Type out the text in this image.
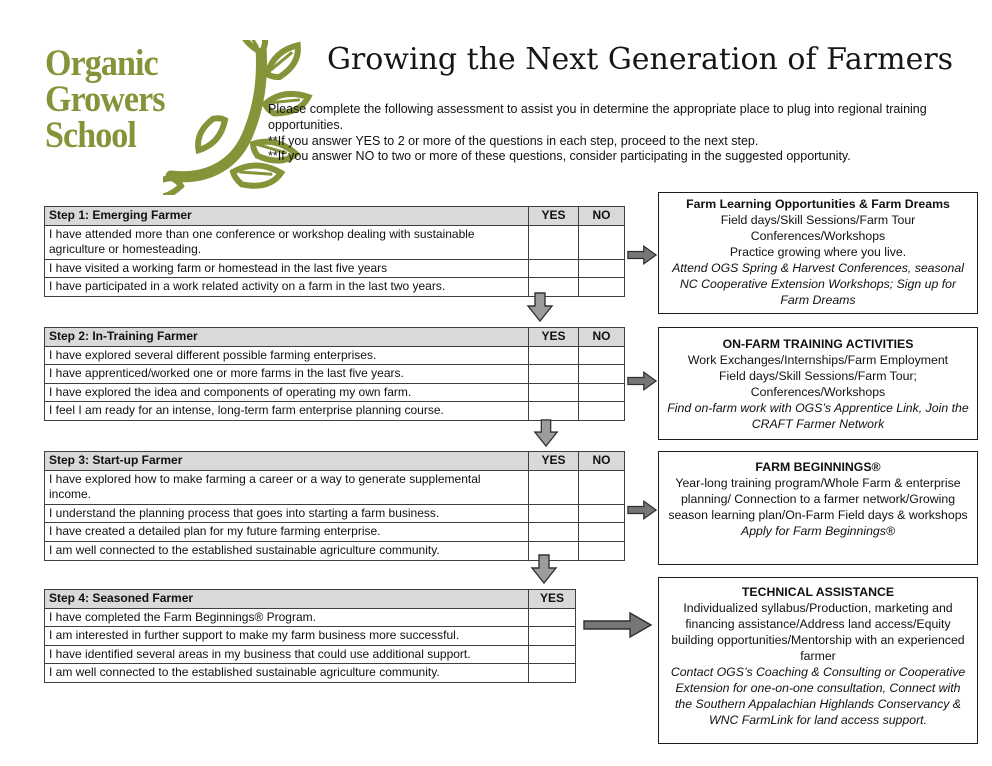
Organic
Growers
School
Growing the Next Generation of Farmers

Please complete the following assessment to assist you in determine the appropriate place to plug into regional training opportunities.

**If you answer YES to 2 or more of the questions in each step, proceed to the next step.

**If you answer NO to two or more of these questions, consider participating in the suggested opportunity.

Step 1: Emerging Farmer	YES	NO
I have attended more than one conference or workshop dealing with sustainable agriculture or homesteading.		
I have visited a working farm or homestead in the last five years		
I have participated in a work related activity on a farm in the last two years.		
Step 2: In-Training Farmer	YES	NO
I have explored several different possible farming enterprises.		
I have apprenticed/worked one or more farms in the last five years.		
I have explored the idea and components of operating my own farm.		
I feel I am ready for an intense, long-term farm enterprise planning course.		
Step 3: Start-up Farmer	YES	NO
I have explored how to make farming a career or a way to generate supplemental income.		
I understand the planning process that goes into starting a farm business.		
I have created a detailed plan for my future farming enterprise.		
I am well connected to the established sustainable agriculture community.		
Step 4: Seasoned Farmer	YES
I have completed the Farm Beginnings® Program.	
I am interested in further support to make my farm business more successful.	
I have identified several areas in my business that could use additional support.	
I am well connected to the established sustainable agriculture community.	
Farm Learning Opportunities & Farm Dreams
Field days/Skill Sessions/Farm Tour
Conferences/Workshops
Practice growing where you live.
Attend OGS Spring & Harvest Conferences, seasonal NC Cooperative Extension Workshops; Sign up for Farm Dreams
ON-FARM TRAINING ACTIVITIES
Work Exchanges/Internships/Farm Employment
Field days/Skill Sessions/Farm Tour;
Conferences/Workshops
Find on-farm work with OGS’s Apprentice Link, Join the CRAFT Farmer Network
FARM BEGINNINGS®
Year-long training program/Whole Farm & enterprise planning/ Connection to a farmer network/Growing season learning plan/On-Farm Field days & workshops
Apply for Farm Beginnings®
TECHNICAL ASSISTANCE
Individualized syllabus/Production, marketing and financing assistance/Address land access/Equity building opportunities/Mentorship with an experienced farmer
Contact OGS’s Coaching & Consulting or Cooperative Extension for one-on-one consultation, Connect with the Southern Appalachian Highlands Conservancy & WNC FarmLink for land access support.
